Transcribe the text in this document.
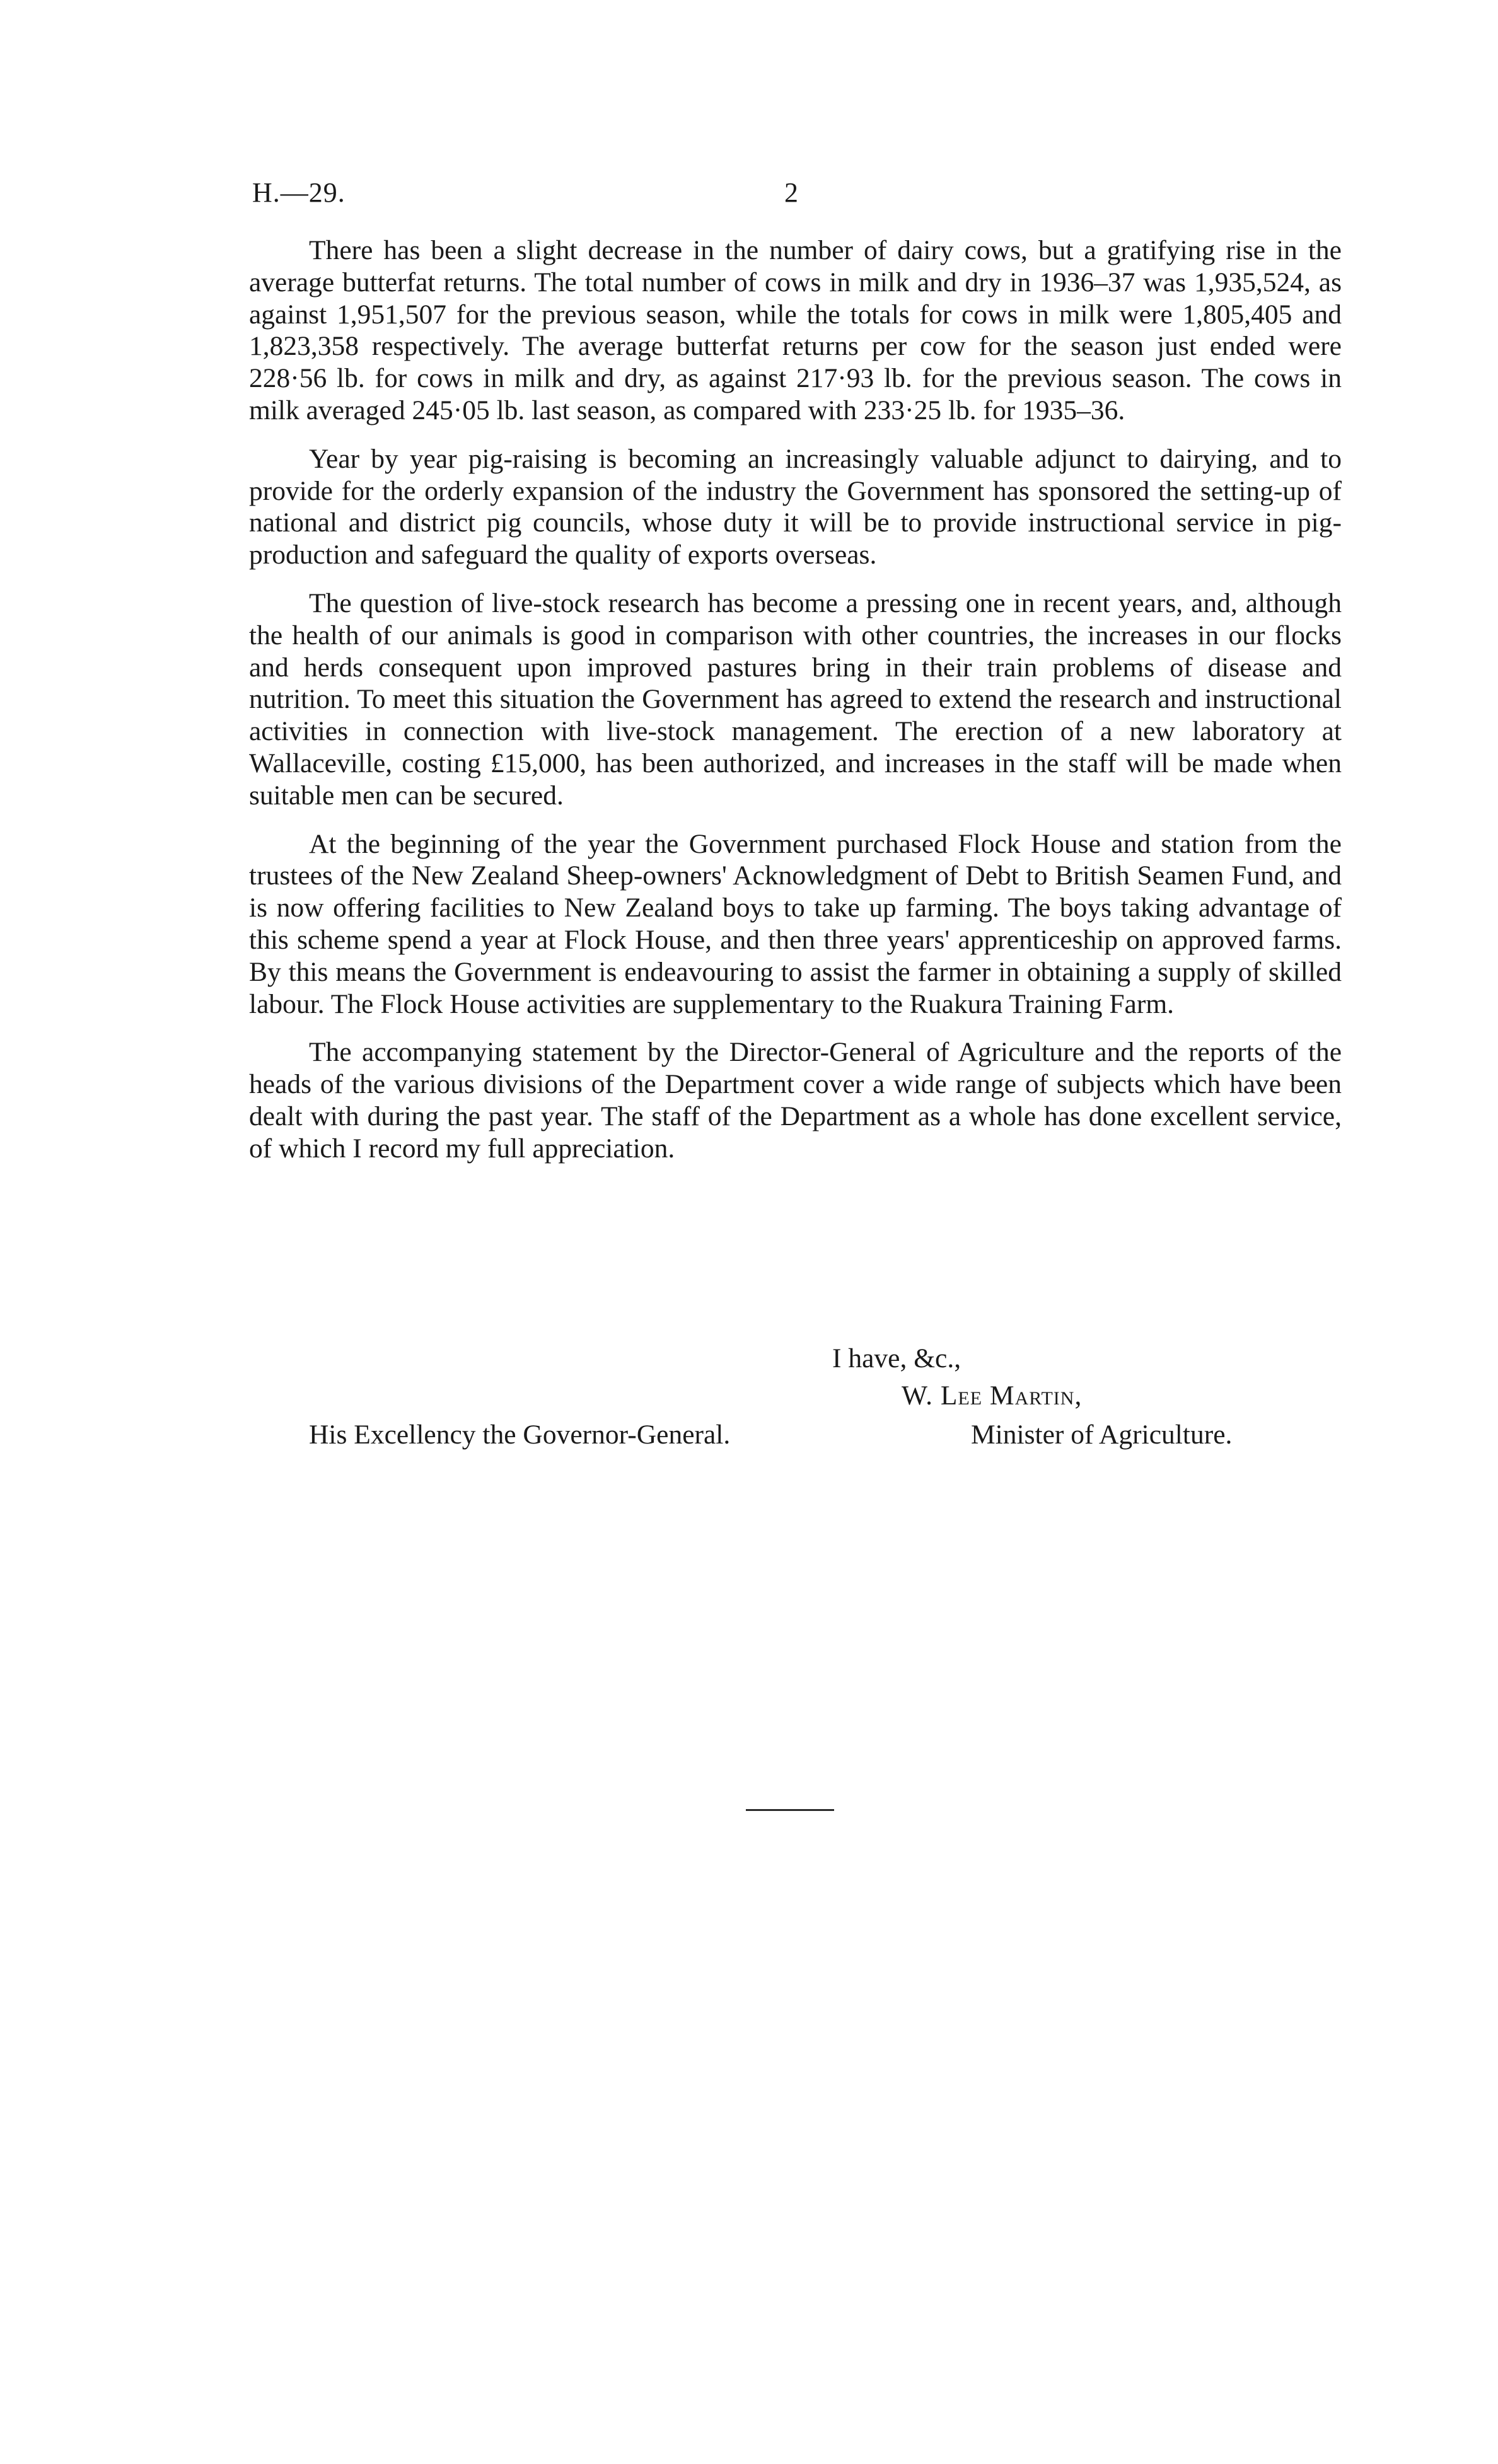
H.—29.	2

There has been a slight decrease in the number of dairy cows, but a gratifying rise in the average butterfat returns. The total number of cows in milk and dry in 1936–37 was 1,935,524, as against 1,951,507 for the previous season, while the totals for cows in milk were 1,805,405 and 1,823,358 respectively. The average butterfat returns per cow for the season just ended were 228·56 lb. for cows in milk and dry, as against 217·93 lb. for the previous season. The cows in milk averaged 245·05 lb. last season, as compared with 233·25 lb. for 1935–36.

Year by year pig-raising is becoming an increasingly valuable adjunct to dairying, and to provide for the orderly expansion of the industry the Government has sponsored the setting-up of national and district pig councils, whose duty it will be to provide instructional service in pig-production and safeguard the quality of exports overseas.

The question of live-stock research has become a pressing one in recent years, and, although the health of our animals is good in comparison with other countries, the increases in our flocks and herds consequent upon improved pastures bring in their train problems of disease and nutrition. To meet this situation the Government has agreed to extend the research and instructional activities in connection with live-stock management. The erection of a new laboratory at Wallaceville, costing £15,000, has been authorized, and increases in the staff will be made when suitable men can be secured.

At the beginning of the year the Government purchased Flock House and station from the trustees of the New Zealand Sheep-owners' Acknowledgment of Debt to British Seamen Fund, and is now offering facilities to New Zealand boys to take up farming. The boys taking advantage of this scheme spend a year at Flock House, and then three years' apprenticeship on approved farms. By this means the Government is endeavouring to assist the farmer in obtaining a supply of skilled labour. The Flock House activities are supplementary to the Ruakura Training Farm.

The accompanying statement by the Director-General of Agriculture and the reports of the heads of the various divisions of the Department cover a wide range of subjects which have been dealt with during the past year. The staff of the Department as a whole has done excellent service, of which I record my full appreciation.

I have, &c.,
W. Lee Martin,
His Excellency the Governor-General.	Minister of Agriculture.
